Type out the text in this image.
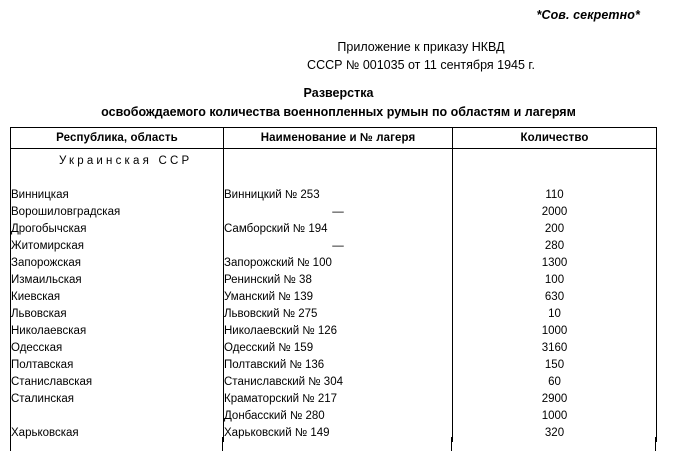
*Сов. секретно*
Приложение к приказу НКВД
СССР № 001035 от 11 сентября 1945 г.
Разверстка
освобождаемого количества военнопленных румын по областям и лагерям
Республика, область	Наименование и № лагеря	Количество
Украинская ССР		

Винницкая	Винницкий № 253	110
Ворошиловградская	—	2000
Дрогобычская	Самборский № 194	200
Житомирская	—	280
Запорожская	Запорожский № 100	1300
Измаильская	Ренинский № 38	100
Киевская	Уманский № 139	630
Львовская	Львовский № 275	10
Николаевская	Николаевский № 126	1000
Одесская	Одесский № 159	3160
Полтавская	Полтавский № 136	150
Станиславская	Станиславский № 304	60
Сталинская	Краматорский № 217	2900
	Донбасский № 280	1000
Харьковская	Харьковский № 149	320
